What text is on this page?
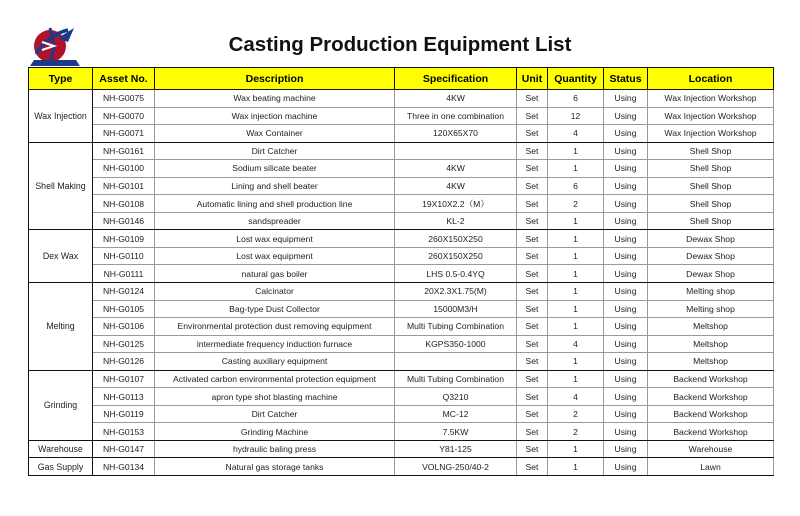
Casting Production Equipment List
Type	Asset No.	Description	Specification	Unit	Quantity	Status	Location
Wax Injection	NH-G0075	Wax beating machine	4KW	Set	6	Using	Wax Injection Workshop
	NH-G0070	Wax injection machine	Three in one combination	Set	12	Using	Wax Injection Workshop
	NH-G0071	Wax Container	120X65X70	Set	4	Using	Wax Injection Workshop
Shell Making	NH-G0161	Dirt Catcher		Set	1	Using	Shell Shop
	NH-G0100	Sodium silicate beater	4KW	Set	1	Using	Shell Shop
	NH-G0101	Lining and shell beater	4KW	Set	6	Using	Shell Shop
	NH-G0108	Automatic lining and shell production line	19X10X2.2（M）	Set	2	Using	Shell Shop
	NH-G0146	sandspreader	KL-2	Set	1	Using	Shell Shop
Dex Wax	NH-G0109	Lost wax equipment	260X150X250	Set	1	Using	Dewax Shop
	NH-G0110	Lost wax equipment	260X150X250	Set	1	Using	Dewax Shop
	NH-G0111	natural gas boiler	LHS 0.5-0.4YQ	Set	1	Using	Dewax Shop
Melting	NH-G0124	Calcinator	20X2.3X1.75(M)	Set	1	Using	Melting shop
	NH-G0105	Bag-type Dust Collector	15000M3/H	Set	1	Using	Melting shop
	NH-G0106	Environmental protection dust removing equipment	Multi Tubing Combination	Set	1	Using	Meltshop
	NH-G0125	intermediate frequency induction furnace	KGPS350-1000	Set	4	Using	Meltshop
	NH-G0126	Casting auxiliary equipment		Set	1	Using	Meltshop
Grinding	NH-G0107	Activated carbon environmental protection equipment	Multi Tubing Combination	Set	1	Using	Backend Workshop
	NH-G0113	apron type shot blasting machine	Q3210	Set	4	Using	Backend Workshop
	NH-G0119	Dirt Catcher	MC-12	Set	2	Using	Backend Workshop
	NH-G0153	Grinding Machine	7.5KW	Set	2	Using	Backend Workshop
Warehouse	NH-G0147	hydraulic baling press	Y81-125	Set	1	Using	Warehouse
Gas Supply	NH-G0134	Natural gas storage tanks	VOLNG-250/40-2	Set	1	Using	Lawn
